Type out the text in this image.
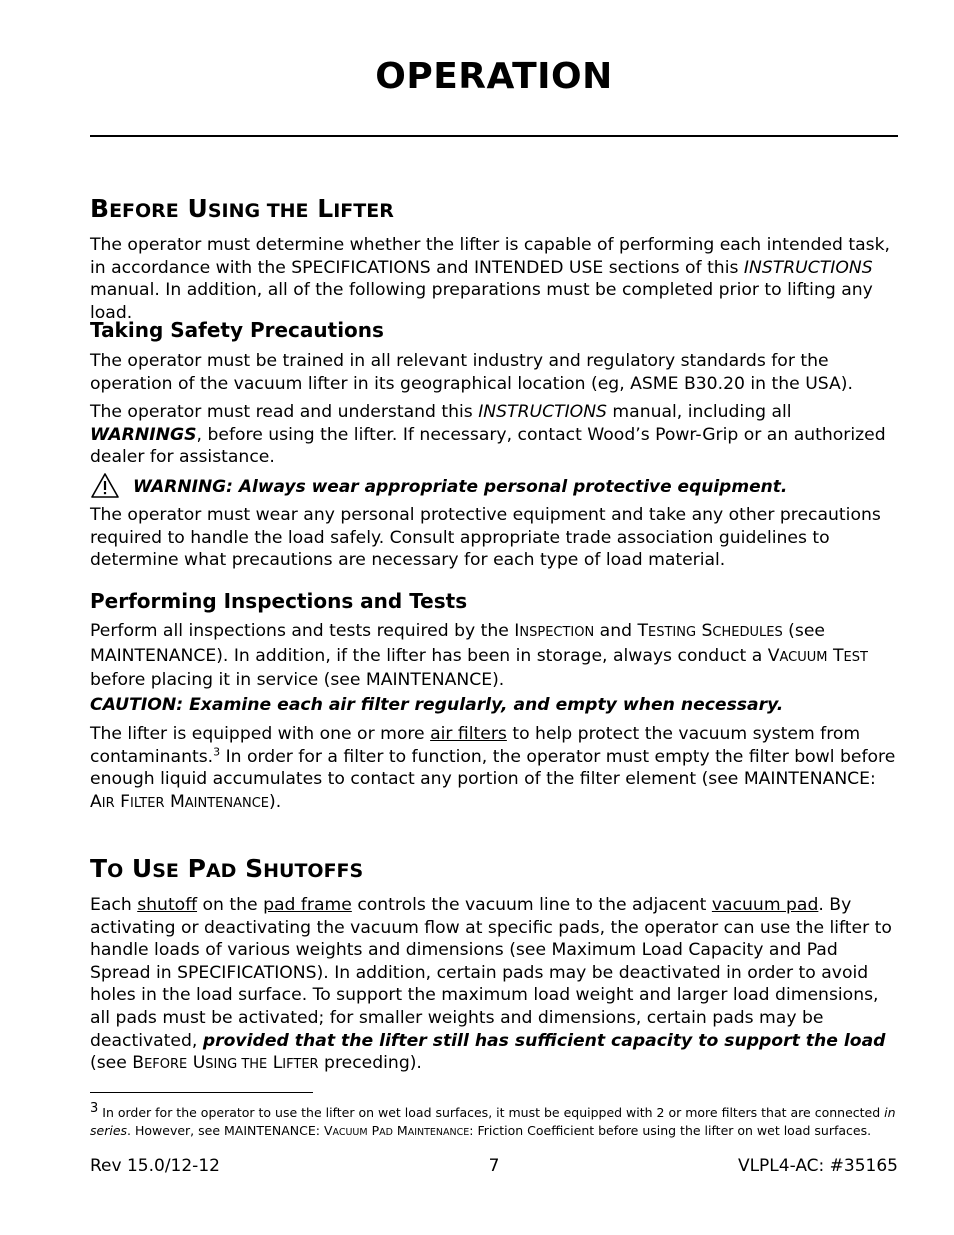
OPERATION
BEFORE USING THE LIFTER
The operator must determine whether the lifter is capable of performing each intended task, in accordance with the SPECIFICATIONS and INTENDED USE sections of this INSTRUCTIONS manual. In addition, all of the following preparations must be completed prior to lifting any load.
Taking Safety Precautions
The operator must be trained in all relevant industry and regulatory standards for the operation of the vacuum lifter in its geographical location (eg, ASME B30.20 in the USA).
The operator must read and understand this INSTRUCTIONS manual, including all WARNINGS, before using the lifter. If necessary, contact Wood’s Powr-Grip or an authorized dealer for assistance.
WARNING: Always wear appropriate personal protective equipment.
The operator must wear any personal protective equipment and take any other precautions required to handle the load safely. Consult appropriate trade association guidelines to determine what precautions are necessary for each type of load material.
Performing Inspections and Tests
Perform all inspections and tests required by the INSPECTION and TESTING SCHEDULES (see MAINTENANCE). In addition, if the lifter has been in storage, always conduct a VACUUM TEST before placing it in service (see MAINTENANCE).
CAUTION: Examine each air filter regularly, and empty when necessary.
The lifter is equipped with one or more air filters to help protect the vacuum system from contaminants.$^3$ In order for a filter to function, the operator must empty the filter bowl before enough liquid accumulates to contact any portion of the filter element (see MAINTENANCE: AIR FILTER MAINTENANCE).
TO USE PAD SHUTOFFS
Each shutoff on the pad frame controls the vacuum line to the adjacent vacuum pad. By activating or deactivating the vacuum flow at specific pads, the operator can use the lifter to handle loads of various weights and dimensions (see Maximum Load Capacity and Pad Spread in SPECIFICATIONS). In addition, certain pads may be deactivated in order to avoid holes in the load surface. To support the maximum load weight and larger load dimensions, all pads must be activated; for smaller weights and dimensions, certain pads may be deactivated, provided that the lifter still has sufficient capacity to support the load (see BEFORE USING THE LIFTER preceding).
$^3$ In order for the operator to use the lifter on wet load surfaces, it must be equipped with 2 or more filters that are connected in series. However, see MAINTENANCE: VACUUM PAD MAINTENANCE: Friction Coefficient before using the lifter on wet load surfaces.
Rev 15.0/12-12	7	VLPL4-AC: #35165
